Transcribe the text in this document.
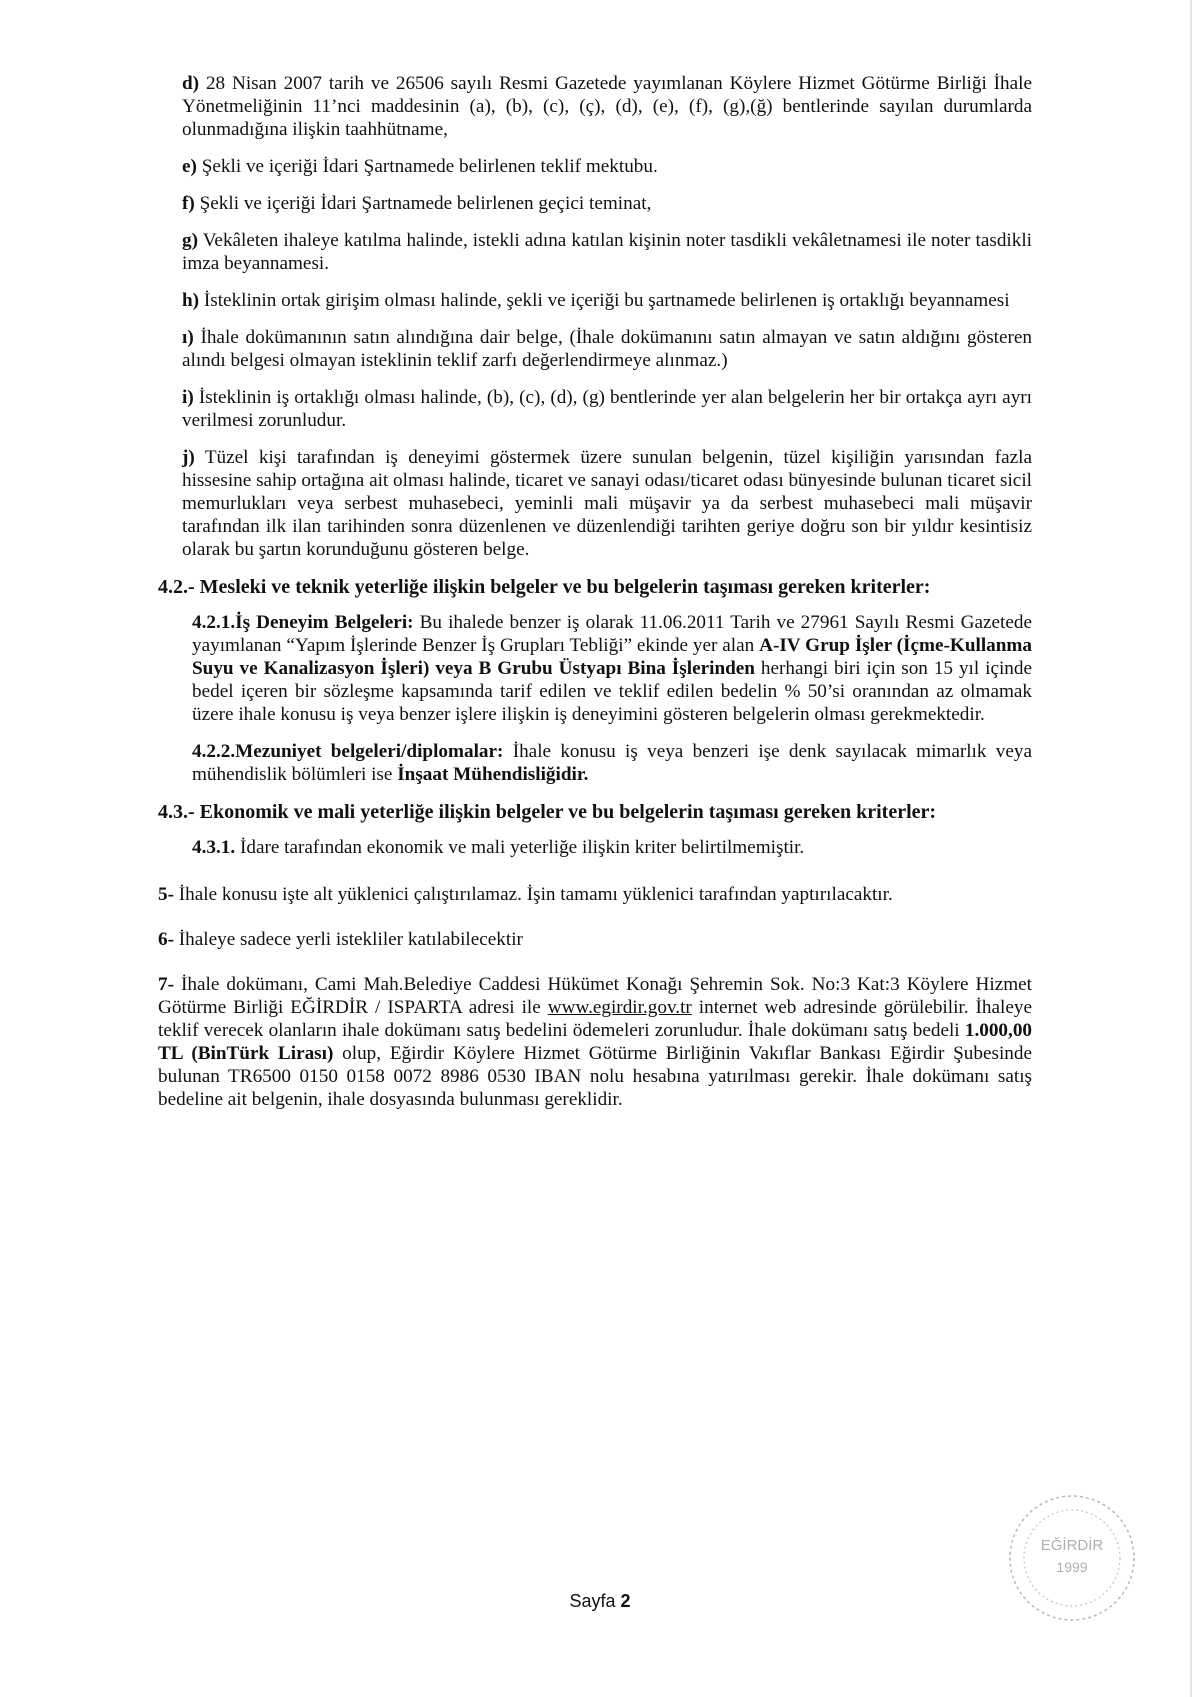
d) 28 Nisan 2007 tarih ve 26506 sayılı Resmi Gazetede yayımlanan Köylere Hizmet Götürme Birliği İhale Yönetmeliğinin 11’nci maddesinin (a), (b), (c), (ç), (d), (e), (f), (g),(ğ) bentlerinde sayılan durumlarda olunmadığına ilişkin taahhütname,

e) Şekli ve içeriği İdari Şartnamede belirlenen teklif mektubu.

f) Şekli ve içeriği İdari Şartnamede belirlenen geçici teminat,

g) Vekâleten ihaleye katılma halinde, istekli adına katılan kişinin noter tasdikli vekâletnamesi ile noter tasdikli imza beyannamesi.

h) İsteklinin ortak girişim olması halinde, şekli ve içeriği bu şartnamede belirlenen iş ortaklığı beyannamesi

ı) İhale dokümanının satın alındığına dair belge, (İhale dokümanını satın almayan ve satın aldığını gösteren alındı belgesi olmayan isteklinin teklif zarfı değerlendirmeye alınmaz.)

i) İsteklinin iş ortaklığı olması halinde, (b), (c), (d), (g) bentlerinde yer alan belgelerin her bir ortakça ayrı ayrı verilmesi zorunludur.

j) Tüzel kişi tarafından iş deneyimi göstermek üzere sunulan belgenin, tüzel kişiliğin yarısından fazla hissesine sahip ortağına ait olması halinde, ticaret ve sanayi odası/ticaret odası bünyesinde bulunan ticaret sicil memurlukları veya serbest muhasebeci, yeminli mali müşavir ya da serbest muhasebeci mali müşavir tarafından ilk ilan tarihinden sonra düzenlenen ve düzenlendiği tarihten geriye doğru son bir yıldır kesintisiz olarak bu şartın korunduğunu gösteren belge.

4.2.- Mesleki ve teknik yeterliğe ilişkin belgeler ve bu belgelerin taşıması gereken kriterler:

4.2.1.İş Deneyim Belgeleri: Bu ihalede benzer iş olarak 11.06.2011 Tarih ve 27961 Sayılı Resmi Gazetede yayımlanan “Yapım İşlerinde Benzer İş Grupları Tebliği” ekinde yer alan A-IV Grup İşler (İçme-Kullanma Suyu ve Kanalizasyon İşleri) veya B Grubu Üstyapı Bina İşlerinden herhangi biri için son 15 yıl içinde bedel içeren bir sözleşme kapsamında tarif edilen ve teklif edilen bedelin % 50’si oranından az olmamak üzere ihale konusu iş veya benzer işlere ilişkin iş deneyimini gösteren belgelerin olması gerekmektedir.

4.2.2.Mezuniyet belgeleri/diplomalar: İhale konusu iş veya benzeri işe denk sayılacak mimarlık veya mühendislik bölümleri ise İnşaat Mühendisliğidir.

4.3.- Ekonomik ve mali yeterliğe ilişkin belgeler ve bu belgelerin taşıması gereken kriterler:

4.3.1. İdare tarafından ekonomik ve mali yeterliğe ilişkin kriter belirtilmemiştir.

5- İhale konusu işte alt yüklenici çalıştırılamaz. İşin tamamı yüklenici tarafından yaptırılacaktır.

6- İhaleye sadece yerli istekliler katılabilecektir

7- İhale dokümanı, Cami Mah.Belediye Caddesi Hükümet Konağı Şehremin Sok. No:3 Kat:3 Köylere Hizmet Götürme Birliği EĞİRDİR / ISPARTA adresi ile www.egirdir.gov.tr internet web adresinde görülebilir. İhaleye teklif verecek olanların ihale dokümanı satış bedelini ödemeleri zorunludur. İhale dokümanı satış bedeli 1.000,00 TL (BinTürk Lirası) olup, Eğirdir Köylere Hizmet Götürme Birliğinin Vakıflar Bankası Eğirdir Şubesinde bulunan TR6500 0150 0158 0072 8986 0530 IBAN nolu hesabına yatırılması gerekir. İhale dokümanı satış bedeline ait belgenin, ihale dosyasında bulunması gereklidir.

EĞİRDİR
1999
Sayfa 2
